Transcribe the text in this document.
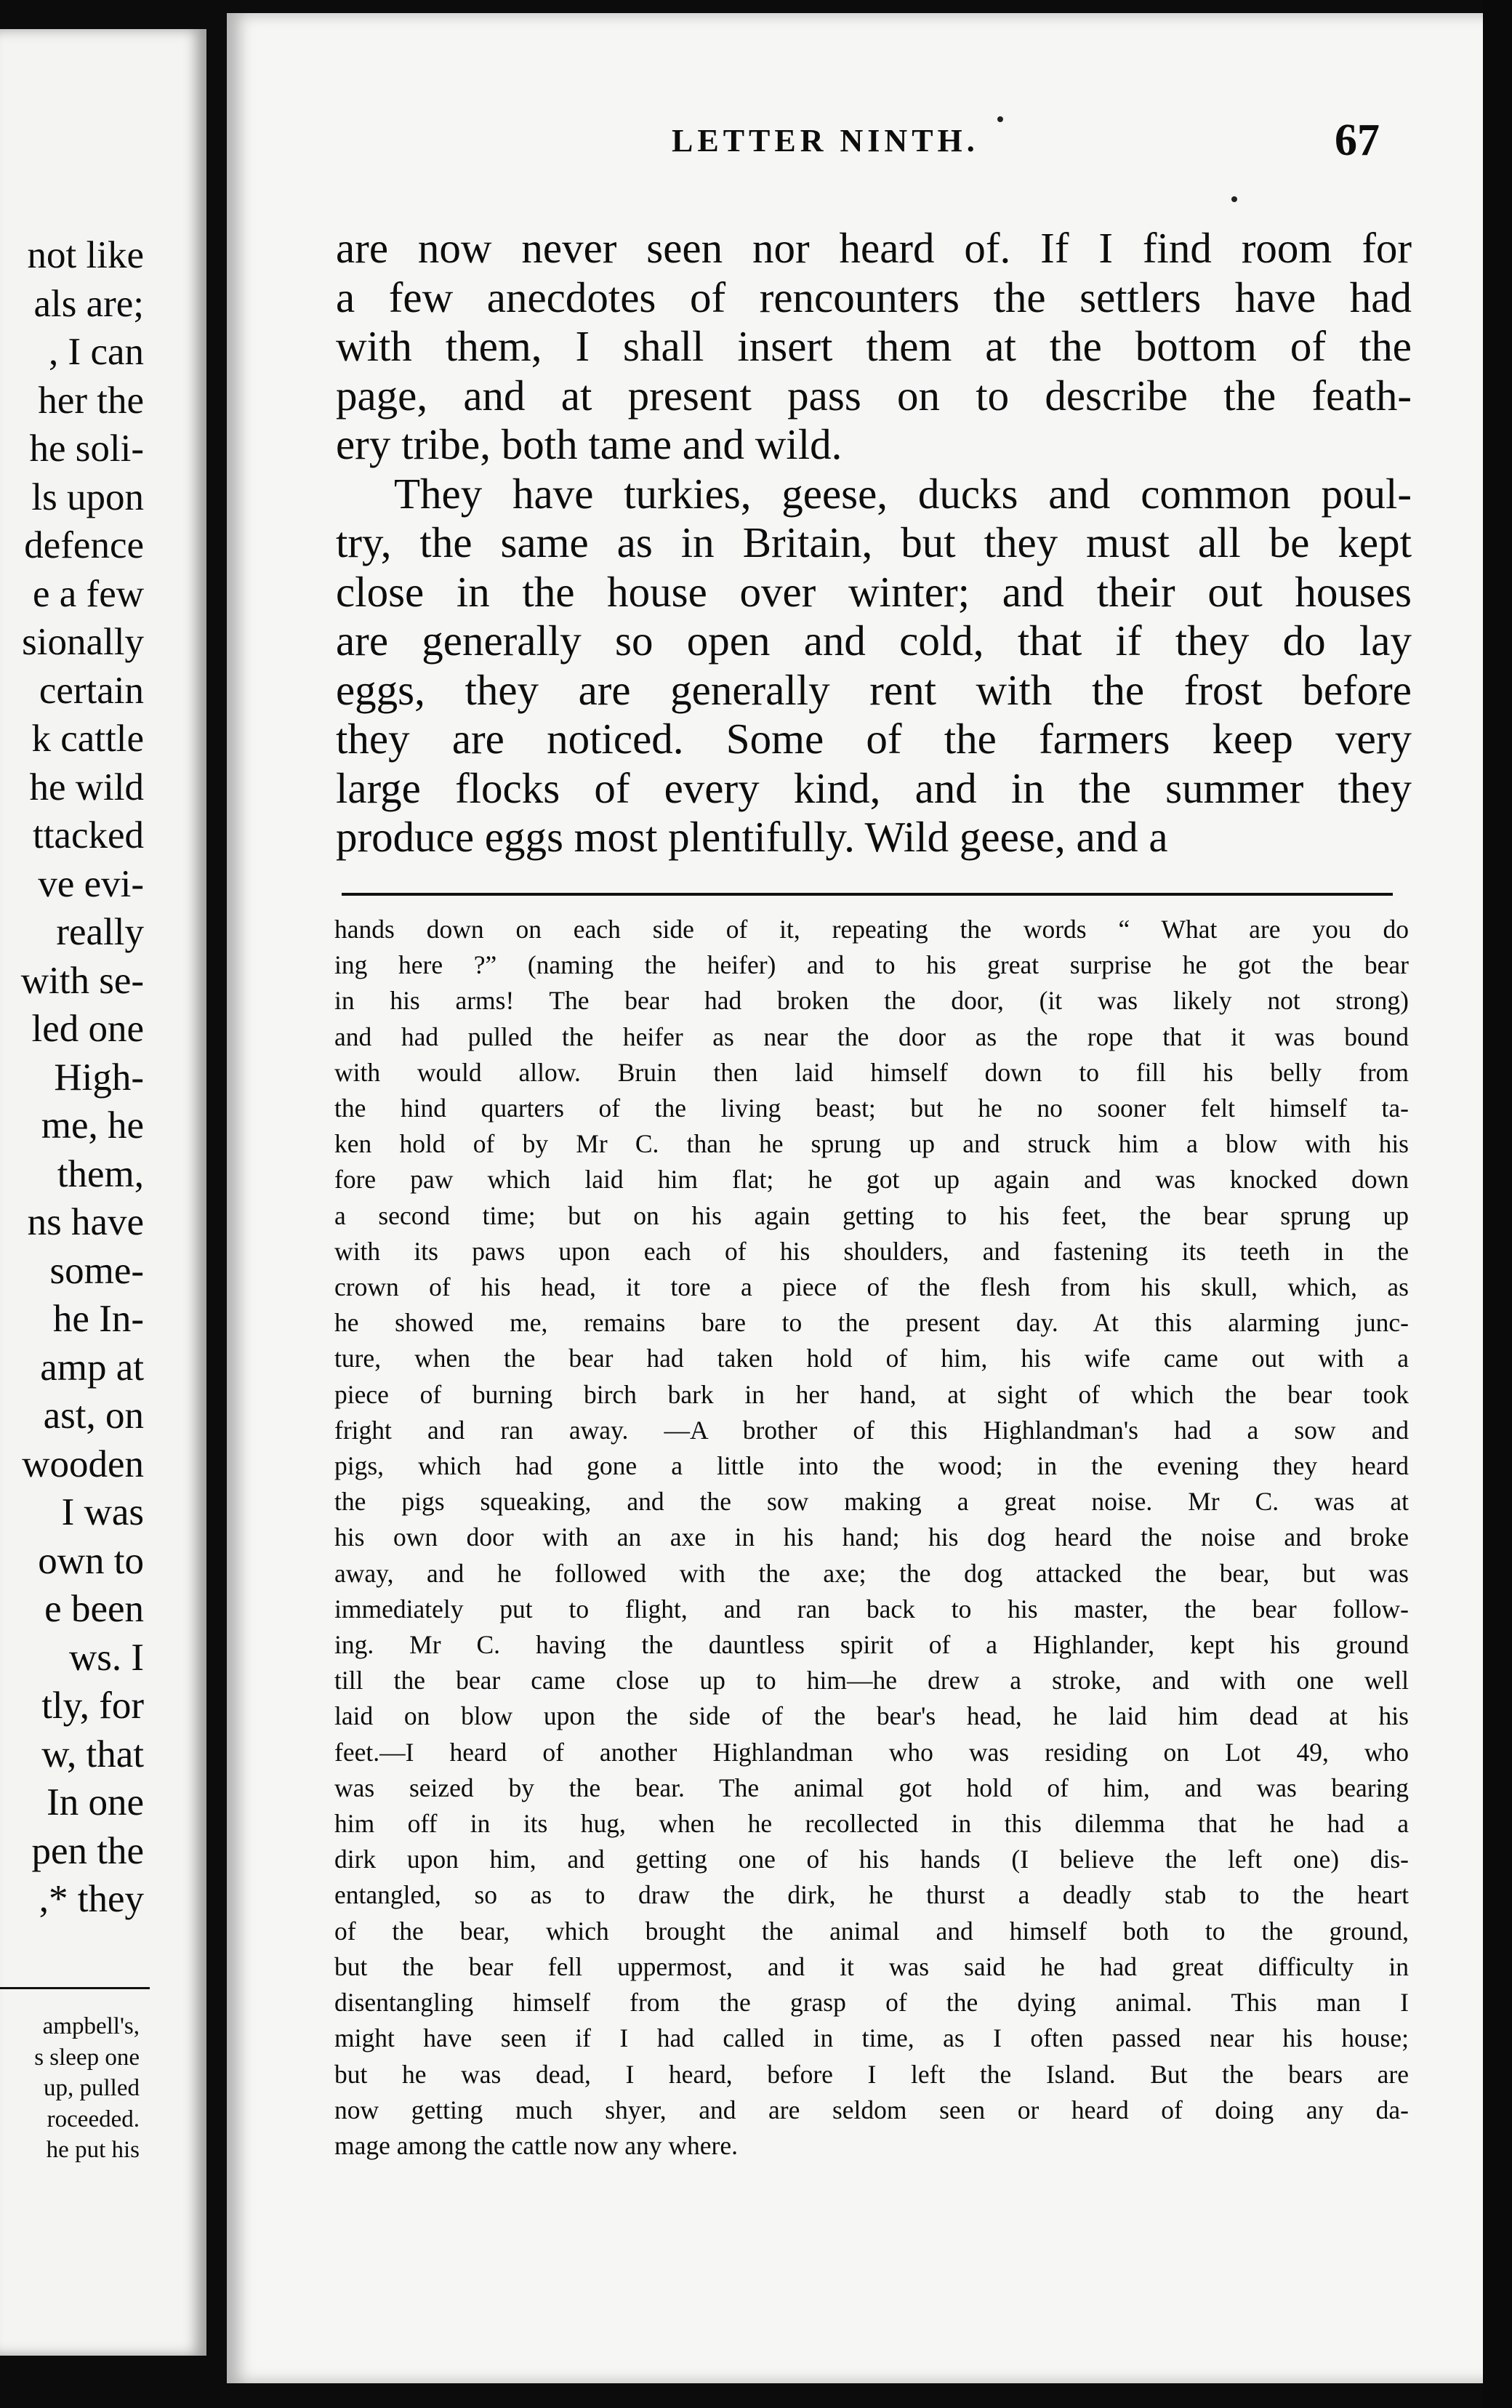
not like
als are;
, I can
her the
he soli-
ls upon
defence
e a few
sionally
certain
k cattle
he wild
ttacked
ve evi-
really
with se-
led one
High-
me, he
them,
ns have
some-
he In-
amp at
ast, on
wooden
I was
own to
e been
ws. I
tly, for
w, that
In one
pen the
,* they
ampbell's,
s sleep one
up, pulled
roceeded.
he put his
LETTER NINTH.	67
are now never seen nor heard of. If I find room for
a few anecdotes of rencounters the settlers have had
with them, I shall insert them at the bottom of the
page, and at present pass on to describe the feath-
ery tribe, both tame and wild.
They have turkies, geese, ducks and common poul-
try, the same as in Britain, but they must all be kept
close in the house over winter; and their out houses
are generally so open and cold, that if they do lay
eggs, they are generally rent with the frost before
they are noticed. Some of the farmers keep very
large flocks of every kind, and in the summer they
produce eggs most plentifully. Wild geese, and a
hands down on each side of it, repeating the words “ What are you do
ing here ?” (naming the heifer) and to his great surprise he got the bear
in his arms! The bear had broken the door, (it was likely not strong)
and had pulled the heifer as near the door as the rope that it was bound
with would allow. Bruin then laid himself down to fill his belly from
the hind quarters of the living beast; but he no sooner felt himself ta-
ken hold of by Mr C. than he sprung up and struck him a blow with his
fore paw which laid him flat; he got up again and was knocked down
a second time; but on his again getting to his feet, the bear sprung up
with its paws upon each of his shoulders, and fastening its teeth in the
crown of his head, it tore a piece of the flesh from his skull, which, as
he showed me, remains bare to the present day. At this alarming junc-
ture, when the bear had taken hold of him, his wife came out with a
piece of burning birch bark in her hand, at sight of which the bear took
fright and ran away. —A brother of this Highlandman's had a sow and
pigs, which had gone a little into the wood; in the evening they heard
the pigs squeaking, and the sow making a great noise. Mr C. was at
his own door with an axe in his hand; his dog heard the noise and broke
away, and he followed with the axe; the dog attacked the bear, but was
immediately put to flight, and ran back to his master, the bear follow-
ing. Mr C. having the dauntless spirit of a Highlander, kept his ground
till the bear came close up to him—he drew a stroke, and with one well
laid on blow upon the side of the bear's head, he laid him dead at his
feet.—I heard of another Highlandman who was residing on Lot 49, who
was seized by the bear. The animal got hold of him, and was bearing
him off in its hug, when he recollected in this dilemma that he had a
dirk upon him, and getting one of his hands (I believe the left one) dis-
entangled, so as to draw the dirk, he thurst a deadly stab to the heart
of the bear, which brought the animal and himself both to the ground,
but the bear fell uppermost, and it was said he had great difficulty in
disentangling himself from the grasp of the dying animal. This man I
might have seen if I had called in time, as I often passed near his house;
but he was dead, I heard, before I left the Island. But the bears are
now getting much shyer, and are seldom seen or heard of doing any da-
mage among the cattle now any where.
